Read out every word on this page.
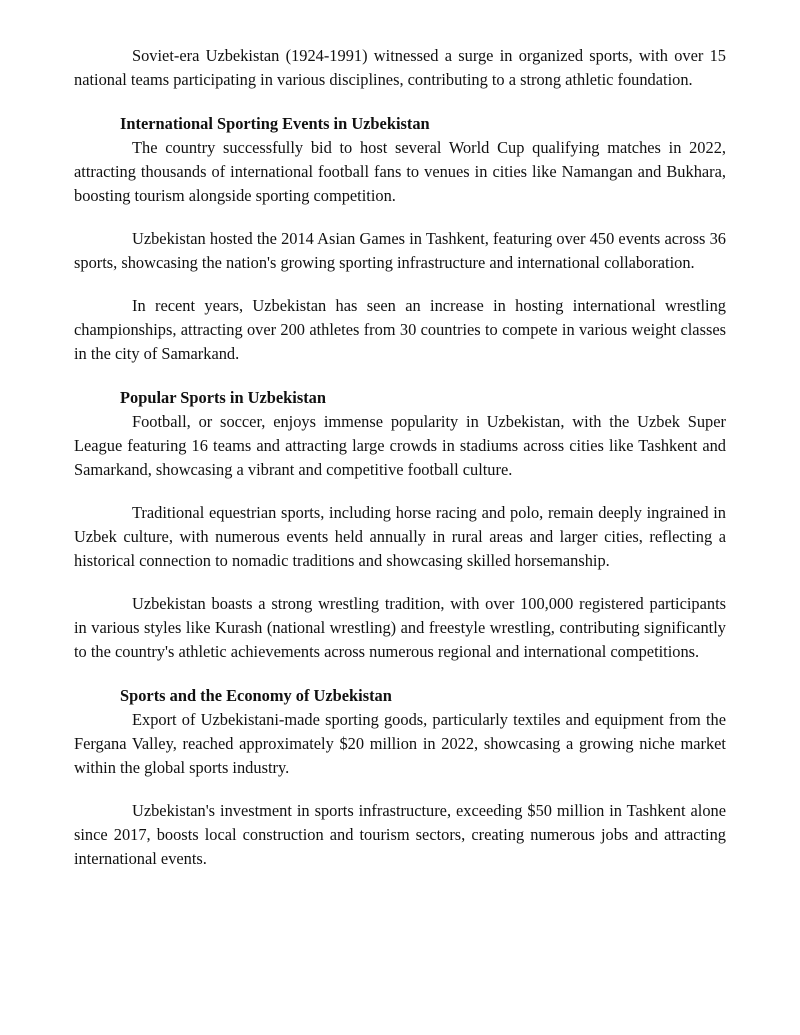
Soviet-era Uzbekistan (1924-1991) witnessed a surge in organized sports, with over 15 national teams participating in various disciplines, contributing to a strong athletic foundation.

International Sporting Events in Uzbekistan

The country successfully bid to host several World Cup qualifying matches in 2022, attracting thousands of international football fans to venues in cities like Namangan and Bukhara, boosting tourism alongside sporting competition.

Uzbekistan hosted the 2014 Asian Games in Tashkent, featuring over 450 events across 36 sports, showcasing the nation's growing sporting infrastructure and international collaboration.

In recent years, Uzbekistan has seen an increase in hosting international wrestling championships, attracting over 200 athletes from 30 countries to compete in various weight classes in the city of Samarkand.

Popular Sports in Uzbekistan

Football, or soccer, enjoys immense popularity in Uzbekistan, with the Uzbek Super League featuring 16 teams and attracting large crowds in stadiums across cities like Tashkent and Samarkand, showcasing a vibrant and competitive football culture.

Traditional equestrian sports, including horse racing and polo, remain deeply ingrained in Uzbek culture, with numerous events held annually in rural areas and larger cities, reflecting a historical connection to nomadic traditions and showcasing skilled horsemanship.

Uzbekistan boasts a strong wrestling tradition, with over 100,000 registered participants in various styles like Kurash (national wrestling) and freestyle wrestling, contributing significantly to the country's athletic achievements across numerous regional and international competitions.

Sports and the Economy of Uzbekistan

Export of Uzbekistani-made sporting goods, particularly textiles and equipment from the Fergana Valley, reached approximately $20 million in 2022, showcasing a growing niche market within the global sports industry.

Uzbekistan's investment in sports infrastructure, exceeding $50 million in Tashkent alone since 2017, boosts local construction and tourism sectors, creating numerous jobs and attracting international events.
